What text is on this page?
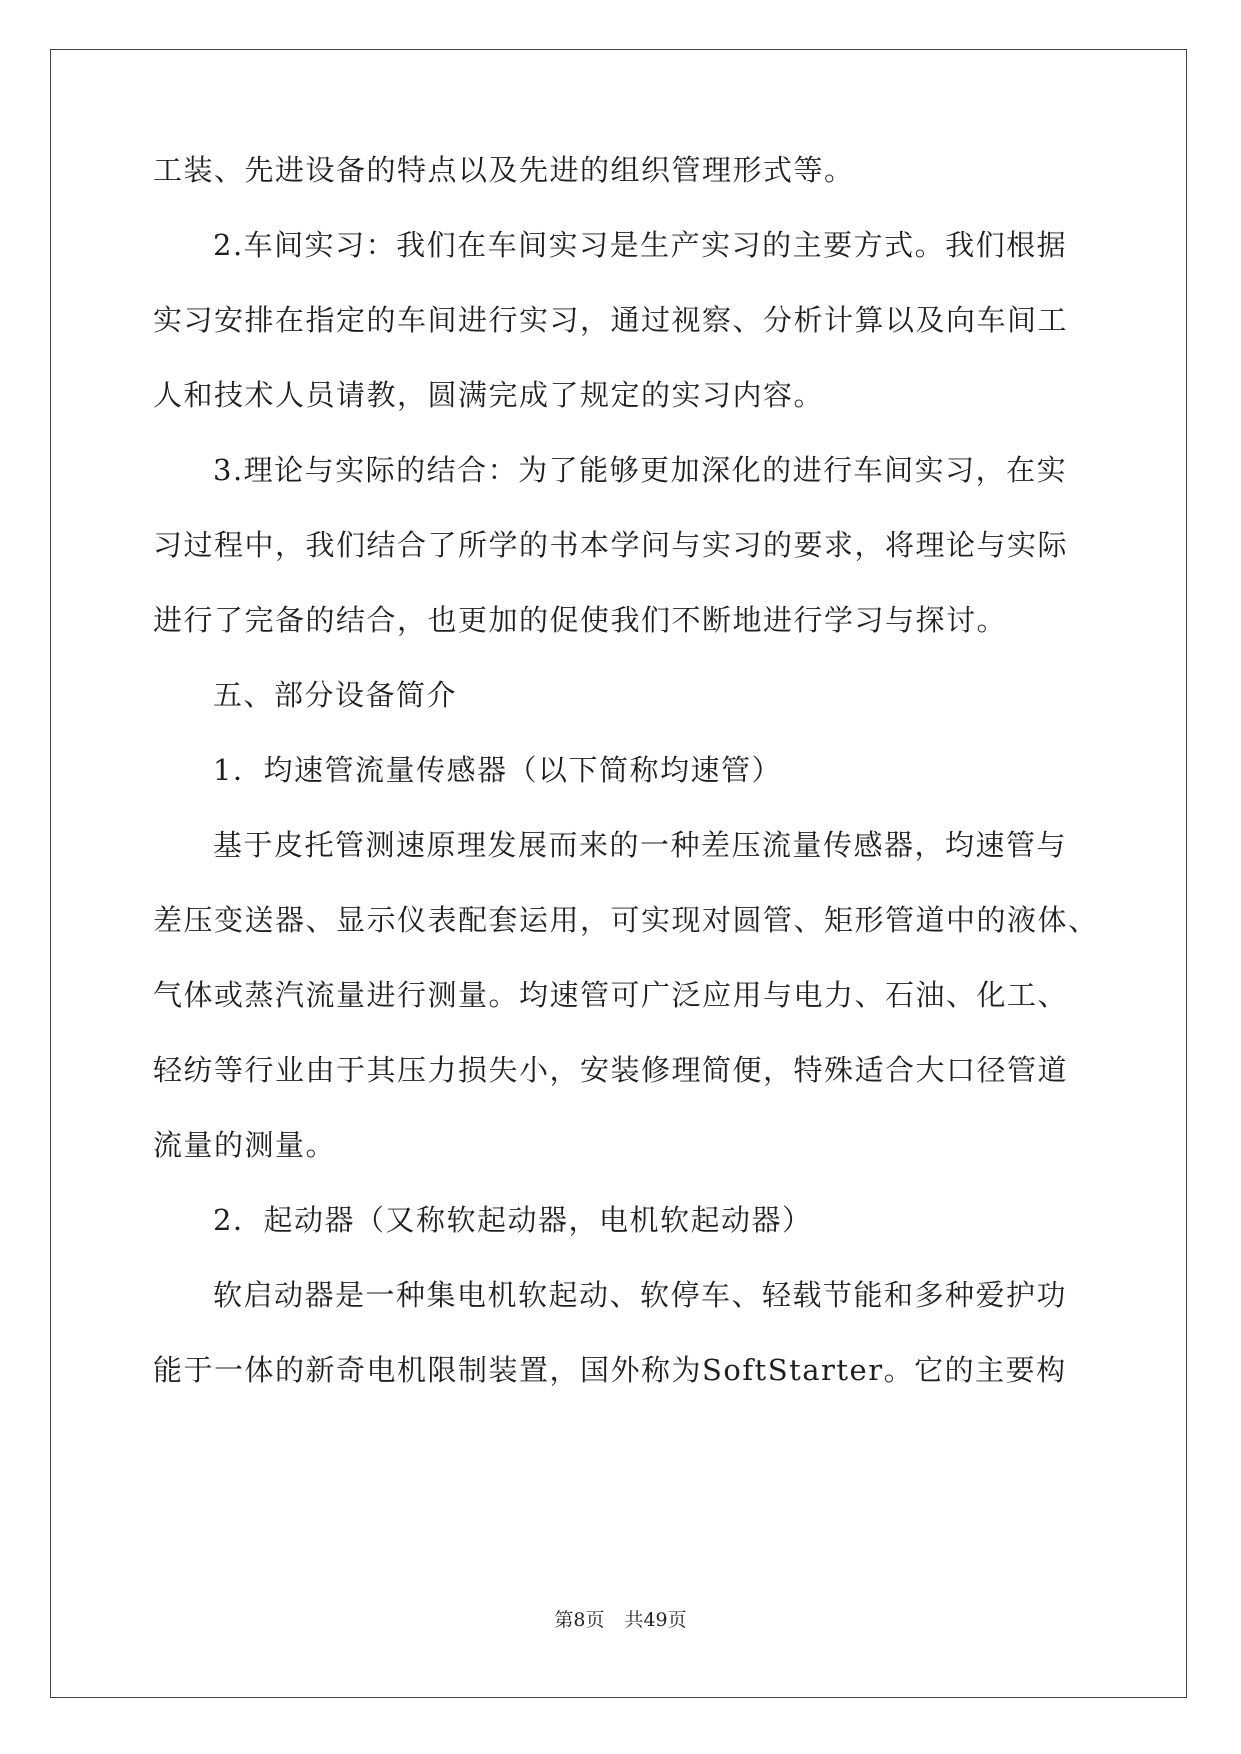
工装、先进设备的特点以及先进的组织管理形式等。
2.车间实习：我们在车间实习是生产实习的主要方式。我们根据
实习安排在指定的车间进行实习，通过视察、分析计算以及向车间工
人和技术人员请教，圆满完成了规定的实习内容。
3.理论与实际的结合：为了能够更加深化的进行车间实习，在实
习过程中，我们结合了所学的书本学问与实习的要求，将理论与实际
进行了完备的结合，也更加的促使我们不断地进行学习与探讨。
五、部分设备简介
1．均速管流量传感器（以下简称均速管）
基于皮托管测速原理发展而来的一种差压流量传感器，均速管与
差压变送器、显示仪表配套运用，可实现对圆管、矩形管道中的液体、
气体或蒸汽流量进行测量。均速管可广泛应用与电力、石油、化工、
轻纺等行业由于其压力损失小，安装修理简便，特殊适合大口径管道
流量的测量。
2．起动器（又称软起动器，电机软起动器）
软启动器是一种集电机软起动、软停车、轻载节能和多种爱护功
能于一体的新奇电机限制装置，国外称为SoftStarter。它的主要构
第8页 共49页
